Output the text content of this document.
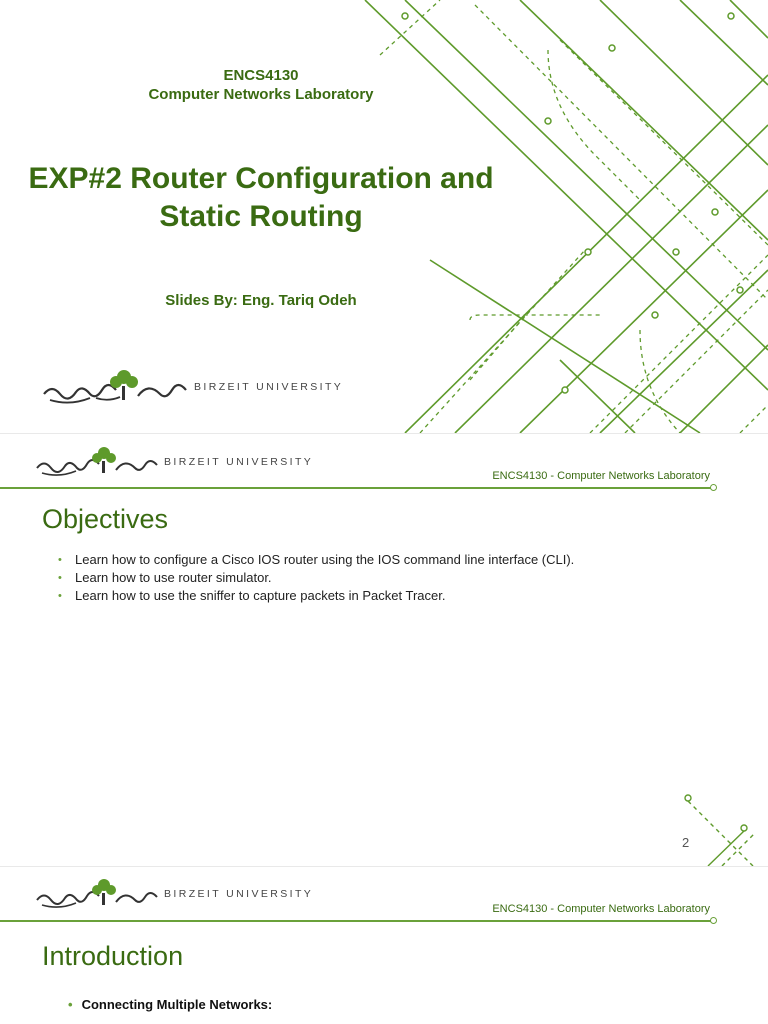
ENCS4130
Computer Networks Laboratory
EXP#2 Router Configuration and
Static Routing
Slides By: Eng. Tariq Odeh
BIRZEIT UNIVERSITY
BIRZEIT UNIVERSITY
ENCS4130 - Computer Networks Laboratory
Objectives
• Learn how to configure a Cisco IOS router using the IOS command line interface (CLI).
• Learn how to use router simulator.
• Learn how to use the sniffer to capture packets in Packet Tracer.
2
BIRZEIT UNIVERSITY
ENCS4130 - Computer Networks Laboratory
Introduction
• Connecting Multiple Networks:
